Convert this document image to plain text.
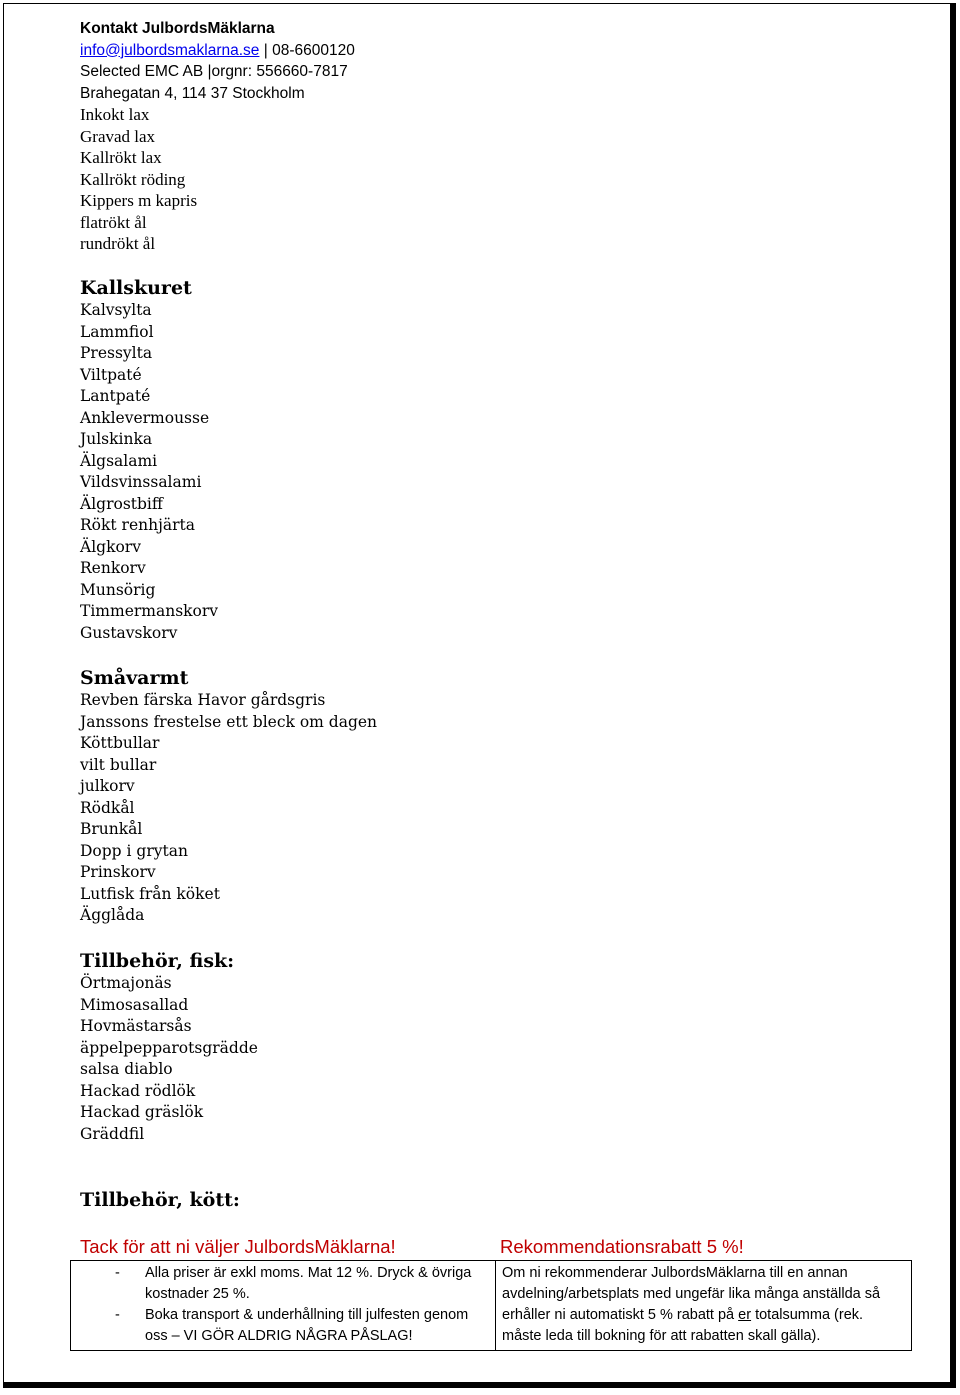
Kontakt JulbordsMäklarna
info@julbordsmaklarna.se | 08-6600120
Selected EMC AB |orgnr: 556660-7817
Brahegatan 4, 114 37 Stockholm
Inkokt lax
Gravad lax
Kallrökt lax
Kallrökt röding
Kippers m kapris
flatrökt ål
rundrökt ål
Kallskuret
Kalvsylta
Lammfiol
Pressylta
Viltpaté
Lantpaté
Anklevermousse
Julskinka
Älgsalami
Vildsvinssalami
Älgrostbiff
Rökt renhjärta
Älgkorv
Renkorv
Munsörig
Timmermanskorv
Gustavskorv
Småvarmt
Revben färska Havor gårdsgris
Janssons frestelse ett bleck om dagen
Köttbullar
vilt bullar
julkorv
Rödkål
Brunkål
Dopp i grytan
Prinskorv
Lutfisk från köket
Ägglåda
Tillbehör, fisk:
Örtmajonäs
Mimosasallad
Hovmästarsås
äppelpepparotsgrädde
salsa diablo
Hackad rödlök
Hackad gräslök
Gräddfil
Tillbehör, kött:
Tack för att ni väljer JulbordsMäklarna!	Rekommendationsrabatt 5 %!
-	Alla priser är exkl moms. Mat 12 %. Dryck & övriga kostnader 25 %.
-	Boka transport & underhållning till julfesten genom oss – VI GÖR ALDRIG NÅGRA PÅSLAG!
	Om ni rekommenderar JulbordsMäklarna till en annan avdelning/arbetsplats med ungefär lika många anställda så erhåller ni automatiskt 5 % rabatt på er totalsumma (rek. måste leda till bokning för att rabatten skall gälla).
